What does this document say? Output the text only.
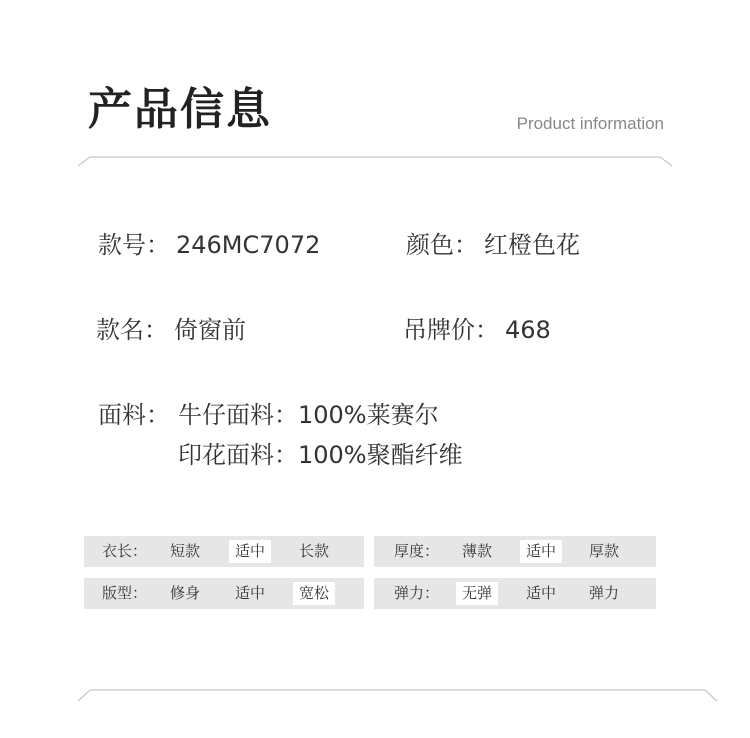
产品信息	Product information
款号： 246MC7072	颜色： 红橙色花
款名： 倚窗前	吊牌价： 468
面料： 牛仔面料：100%莱赛尔
印花面料：100%聚酯纤维
衣长：	短款	适中	长款	厚度：	薄款	适中	厚款
版型：	修身	适中	宽松	弹力：	无弹	适中	弹力
